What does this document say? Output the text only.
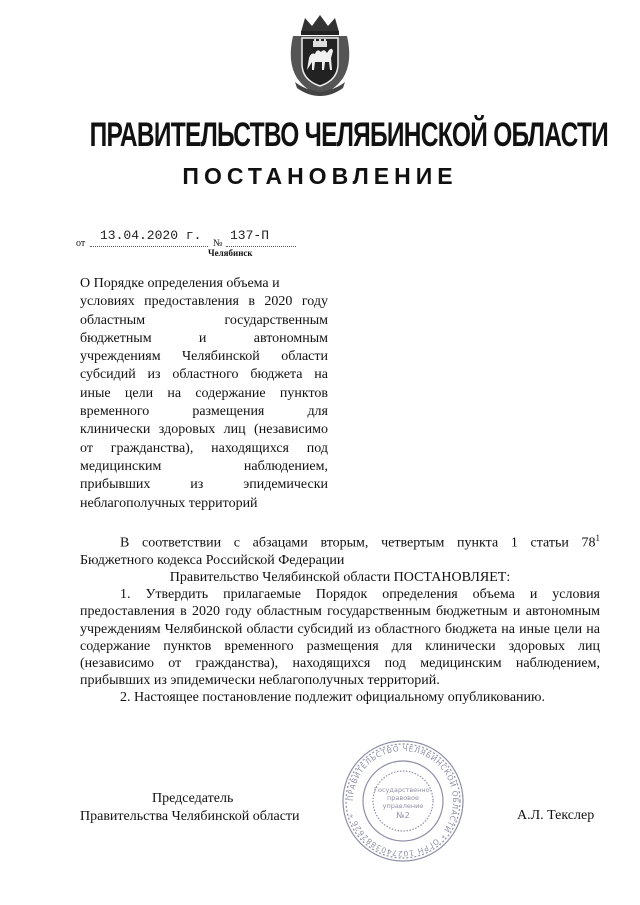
ПРАВИТЕЛЬСТВО ЧЕЛЯБИНСКОЙ ОБЛАСТИ
ПОСТАНОВЛЕНИЕ
от
13.04.2020 г.
№
137-П
Челябинск
О Порядке определения объема и
условиях предоставления в 2020 году
областным государственным
бюджетным и автономным
учреждениям Челябинской области
субсидий из областного бюджета на
иные цели на содержание пунктов
временного размещения для
клинически здоровых лиц (независимо
от гражданства), находящихся под
медицинским наблюдением,
прибывших из эпидемически
неблагополучных территорий

В соответствии с абзацами вторым, четвертым пункта 1 статьи $78^1$

Бюджетного кодекса Российской Федерации

Правительство Челябинской области ПОСТАНОВЛЯЕТ:

1. Утвердить прилагаемые Порядок определения объема и условия предоставления в 2020 году областным государственным бюджетным и автономным учреждениям Челябинской области субсидий из областного бюджета на иные цели на содержание пунктов временного размещения для клинически здоровых лиц (независимо от гражданства), находящихся под медицинским наблюдением, прибывших из эпидемически неблагополучных территорий.

2. Настоящее постановление подлежит официальному опубликованию.

Председатель
Правительства Челябинской области
ПРАВИТЕЛЬСТВО ЧЕЛЯБИНСКОЙ ОБЛАСТИ * ОГРН 1027403882626 *
Государственно-
правовое
управление
№2	А.Л. Текслер
